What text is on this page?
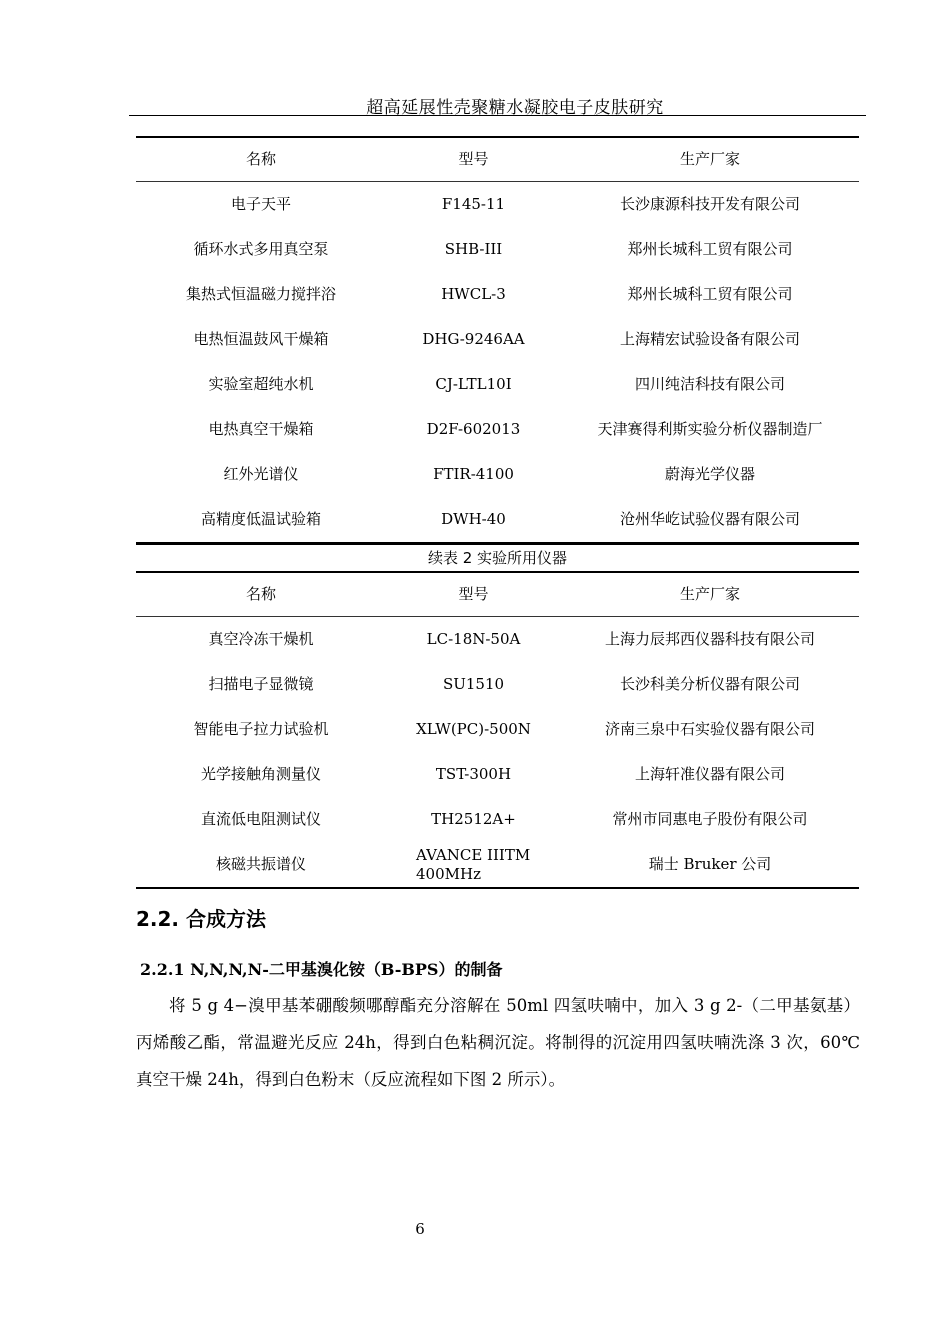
超高延展性壳聚糖水凝胶电子皮肤研究
名称	型号	生产厂家
电子天平	F145-11	长沙康源科技开发有限公司
循环水式多用真空泵	SHB-III	郑州长城科工贸有限公司
集热式恒温磁力搅拌浴	HWCL-3	郑州长城科工贸有限公司
电热恒温鼓风干燥箱	DHG-9246AA	上海精宏试验设备有限公司
实验室超纯水机	CJ-LTL10I	四川纯洁科技有限公司
电热真空干燥箱	D2F-602013	天津赛得利斯实验分析仪器制造厂
红外光谱仪	FTIR-4100	蔚海光学仪器
高精度低温试验箱	DWH-40	沧州华屹试验仪器有限公司
续表 2 实验所用仪器		
名称	型号	生产厂家
真空冷冻干燥机	LC-18N-50A	上海力辰邦西仪器科技有限公司
扫描电子显微镜	SU1510	长沙科美分析仪器有限公司
智能电子拉力试验机	XLW(PC)-500N	济南三泉中石实验仪器有限公司
光学接触角测量仪	TST-300H	上海轩准仪器有限公司
直流低电阻测试仪	TH2512A+	常州市同惠电子股份有限公司
核磁共振谱仪	AVANCE IIITM 400MHz	瑞士 Bruker 公司
2.2. 合成方法
2.2.1 N,N,N,N-二甲基溴化铵（B-BPS）的制备
将 5 g 4−溴甲基苯硼酸频哪醇酯充分溶解在 50ml 四氢呋喃中，加入 3 g 2-（二甲基氨基）丙烯酸乙酯，常温避光反应 24h，得到白色粘稠沉淀。将制得的沉淀用四氢呋喃洗涤 3 次，60℃真空干燥 24h，得到白色粉末（反应流程如下图 2 所示）。
6
